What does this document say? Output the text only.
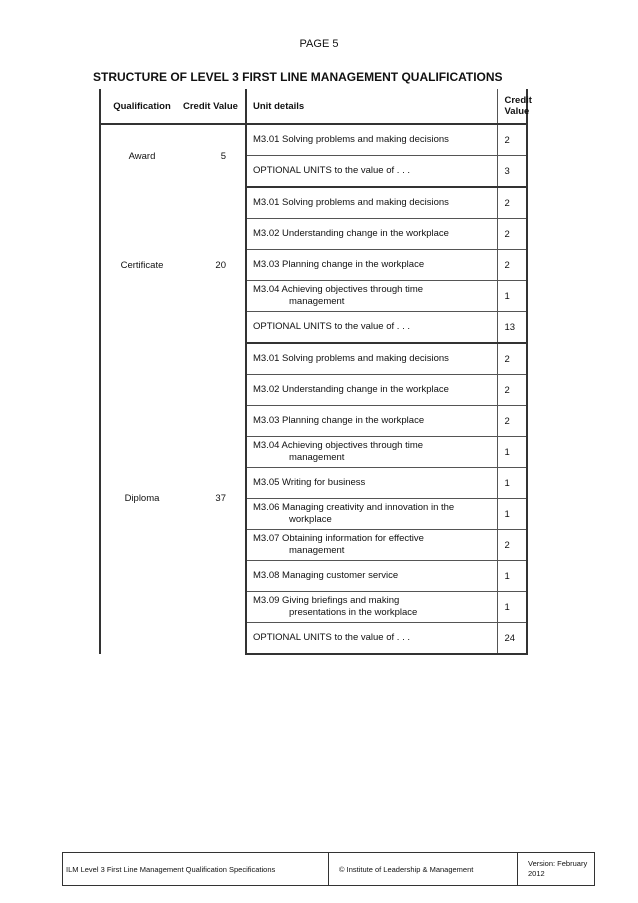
PAGE 5
STRUCTURE OF LEVEL 3 FIRST LINE MANAGEMENT QUALIFICATIONS
Qualification	Credit Value	Unit details	Credit Value
Award	5	M3.01 Solving problems and making decisions	2

		OPTIONAL UNITS to the value of . . .	3
Certificate	20	M3.01 Solving problems and making decisions	2

		M3.02 Understanding change in the workplace	2

		M3.03 Planning change in the workplace	2

		M3.04 Achieving objectives through time
management	1

		OPTIONAL UNITS to the value of . . .	13
Diploma	37	M3.01 Solving problems and making decisions	2

		M3.02 Understanding change in the workplace	2

		M3.03 Planning change in the workplace	2

		M3.04 Achieving objectives through time
management	1

		M3.05 Writing for business	1

		M3.06 Managing creativity and innovation in the
workplace	1

		M3.07 Obtaining information for effective
management	2

		M3.08 Managing customer service	1

		M3.09 Giving briefings and making
presentations in the workplace	1

		OPTIONAL UNITS to the value of . . .	24
ILM Level 3 First Line Management Qualification Specifications	© Institute of Leadership & Management
Version: February 2012
